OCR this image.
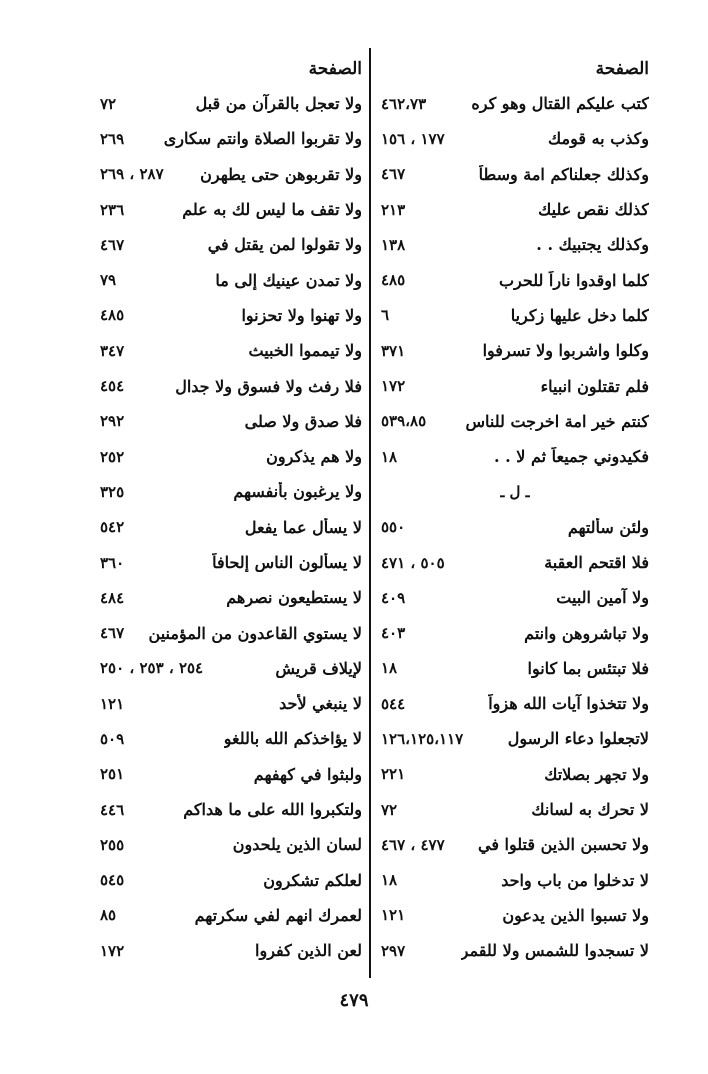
الصفحة
كتب عليكم القتال وهو كره
٤٦٢،٧٣
وكذب به قومك
١٧٧ ، ١٥٦
وكذلك جعلناكم امة وسطاً
٤٦٧
كذلك نقص عليك
٢١٣
وكذلك يجتبيك . .
١٣٨
كلما اوقدوا ناراً للحرب
٤٨٥
كلما دخل عليها زكريا
٦
وكلوا واشربوا ولا تسرفوا
٣٧١
فلم تقتلون انبياء
١٧٢
كنتم خير امة اخرجت للناس
٥٣٩،٨٥
فكيدوني جميعاً ثم لا . .
١٨
ـ ل ـ
ولئن سألتهم
٥٥٠
فلا اقتحم العقبة
٥٠٥ ، ٤٧١
ولا آمين البيت
٤٠٩
ولا تباشروهن وانتم
٤٠٣
فلا تبتئس بما كانوا
١٨
ولا تتخذوا آيات الله هزواً
٥٤٤
لاتجعلوا دعاء الرسول
١٢٦،١٢٥،١١٧
ولا تجهر بصلاتك
٢٢١
لا تحرك به لسانك
٧٢
ولا تحسبن الذين قتلوا في
٤٧٧ ، ٤٦٧
لا تدخلوا من باب واحد
١٨
ولا تسبوا الذين يدعون
١٢١
لا تسجدوا للشمس ولا للقمر
٢٩٧
الصفحة
ولا تعجل بالقرآن من قبل
٧٢
ولا تقربوا الصلاة وانتم سكارى
٢٦٩
ولا تقربوهن حتى يطهرن
٢٨٧ ، ٢٦٩
ولا تقف ما ليس لك به علم
٢٣٦
ولا تقولوا لمن يقتل في
٤٦٧
ولا تمدن عينيك إلى ما
٧٩
ولا تهنوا ولا تحزنوا
٤٨٥
ولا تيمموا الخبيث
٣٤٧
فلا رفث ولا فسوق ولا جدال
٤٥٤
فلا صدق ولا صلى
٢٩٢
ولا هم يذكرون
٢٥٢
ولا يرغبون بأنفسهم
٣٢٥
لا يسأل عما يفعل
٥٤٢
لا يسألون الناس إلحافاً
٣٦٠
لا يستطيعون نصرهم
٤٨٤
لا يستوي القاعدون من المؤمنين
٤٦٧
لإيلاف قريش
٢٥٤ ، ٢٥٣ ، ٢٥٠
لا ينبغي لأحد
١٢١
لا يؤاخذكم الله باللغو
٥٠٩
ولبثوا في كهفهم
٢٥١
ولتكبروا الله على ما هداكم
٤٤٦
لسان الذين يلحدون
٢٥٥
لعلكم تشكرون
٥٤٥
لعمرك انهم لفي سكرتهم
٨٥
لعن الذين كفروا
١٧٢
٤٧٩
